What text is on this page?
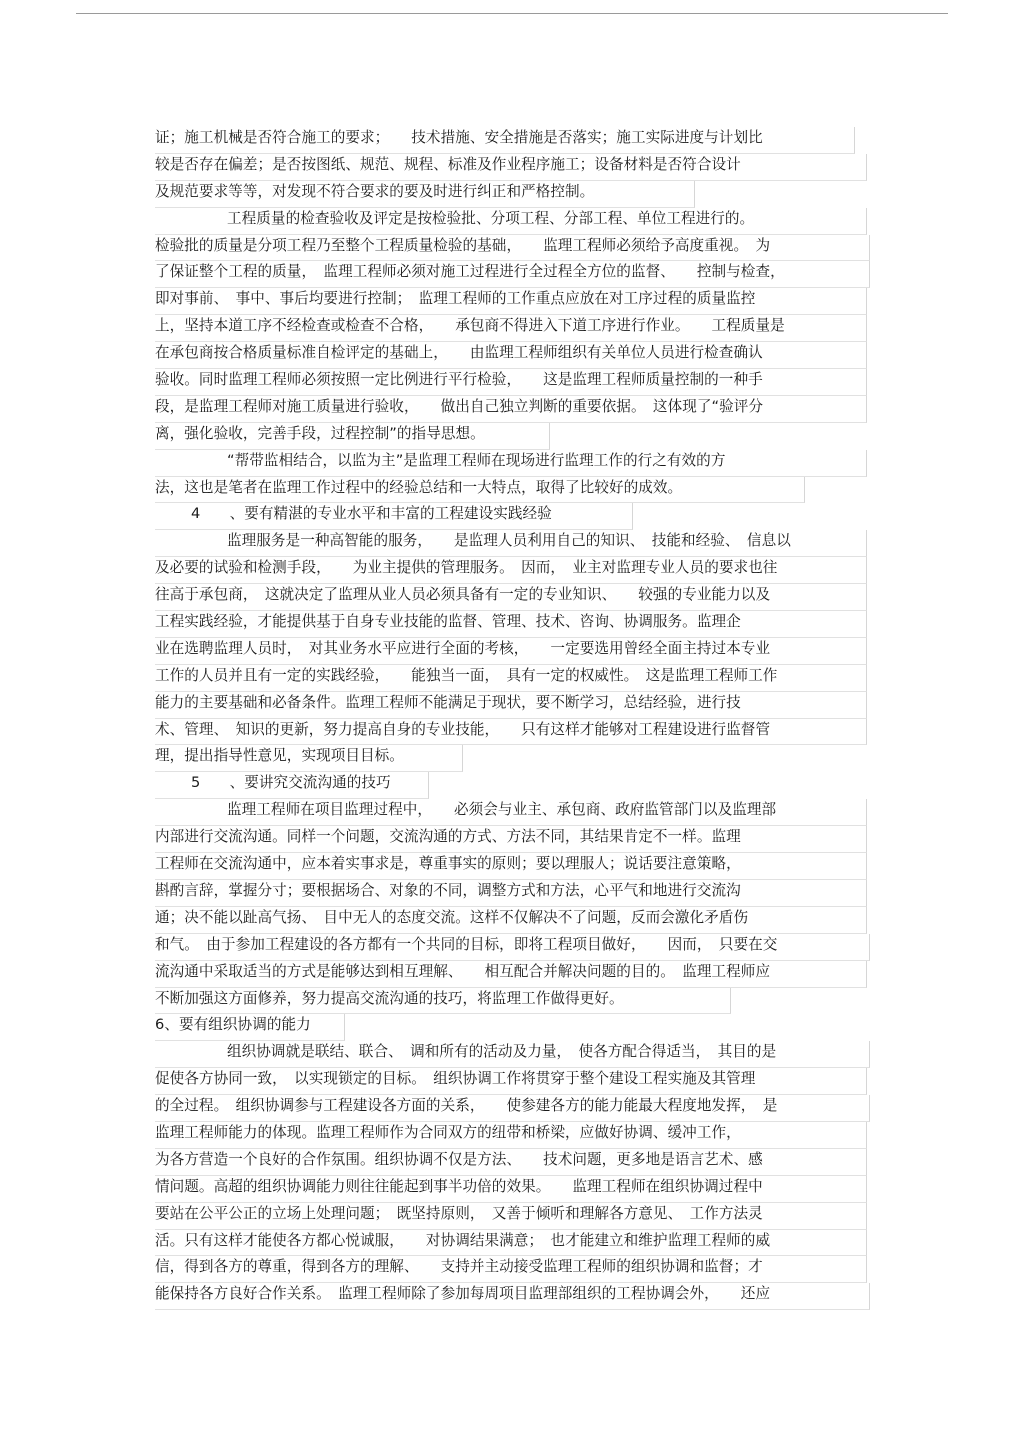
证；施工机械是否符合施工的要求；　　技术措施、安全措施是否落实；施工实际进度与计划比
较是否存在偏差；是否按图纸、规范、规程、标准及作业程序施工；设备材料是否符合设计
及规范要求等等，对发现不符合要求的要及时进行纠正和严格控制。
工程质量的检查验收及评定是按检验批、分项工程、分部工程、单位工程进行的。
检验批的质量是分项工程乃至整个工程质量检验的基础，　　监理工程师必须给予高度重视。　为
了保证整个工程的质量，　监理工程师必须对施工过程进行全过程全方位的监督、　　控制与检查，
即对事前、　事中、事后均要进行控制；　监理工程师的工作重点应放在对工序过程的质量监控
上，坚持本道工序不经检查或检查不合格，　　承包商不得进入下道工序进行作业。　　工程质量是
在承包商按合格质量标准自检评定的基础上，　　由监理工程师组织有关单位人员进行检查确认
验收。同时监理工程师必须按照一定比例进行平行检验，　　这是监理工程师质量控制的一种手
段，是监理工程师对施工质量进行验收，　　做出自己独立判断的重要依据。　这体现了“验评分
离，强化验收，完善手段，过程控制”的指导思想。
“帮带监相结合，以监为主”是监理工程师在现场进行监理工作的行之有效的方
法，这也是笔者在监理工作过程中的经验总结和一大特点，取得了比较好的成效。
4　　、要有精湛的专业水平和丰富的工程建设实践经验
监理服务是一种高智能的服务，　　是监理人员利用自己的知识、　技能和经验、　信息以
及必要的试验和检测手段，　　为业主提供的管理服务。　因而，　业主对监理专业人员的要求也往
往高于承包商，　这就决定了监理从业人员必须具备有一定的专业知识、　　较强的专业能力以及
工程实践经验，才能提供基于自身专业技能的监督、管理、技术、咨询、协调服务。监理企
业在选聘监理人员时，　对其业务水平应进行全面的考核，　　一定要选用曾经全面主持过本专业
工作的人员并且有一定的实践经验，　　能独当一面，　具有一定的权威性。　这是监理工程师工作
能力的主要基础和必备条件。监理工程师不能满足于现状，要不断学习，总结经验，进行技
术、管理、　知识的更新，努力提高自身的专业技能，　　只有这样才能够对工程建设进行监督管
理，提出指导性意见，实现项目目标。
5　　、要讲究交流沟通的技巧
监理工程师在项目监理过程中，　　必须会与业主、承包商、政府监管部门以及监理部
内部进行交流沟通。同样一个问题，交流沟通的方式、方法不同，其结果肯定不一样。监理
工程师在交流沟通中，应本着实事求是，尊重事实的原则；要以理服人；说话要注意策略，
斟酌言辞，掌握分寸；要根据场合、对象的不同，调整方式和方法，心平气和地进行交流沟
通；决不能以趾高气扬、　目中无人的态度交流。这样不仅解决不了问题，反而会激化矛盾伤
和气。　由于参加工程建设的各方都有一个共同的目标，即将工程项目做好，　　因而，　只要在交
流沟通中采取适当的方式是能够达到相互理解、　　相互配合并解决问题的目的。　监理工程师应
不断加强这方面修养，努力提高交流沟通的技巧，将监理工作做得更好。
6、要有组织协调的能力
组织协调就是联结、联合、　调和所有的活动及力量，　使各方配合得适当，　其目的是
促使各方协同一致，　以实现锁定的目标。　组织协调工作将贯穿于整个建设工程实施及其管理
的全过程。　组织协调参与工程建设各方面的关系，　　使参建各方的能力能最大程度地发挥，　是
监理工程师能力的体现。监理工程师作为合同双方的纽带和桥梁，应做好协调、缓冲工作，
为各方营造一个良好的合作氛围。组织协调不仅是方法、　　技术问题，更多地是语言艺术、感
情问题。高超的组织协调能力则往往能起到事半功倍的效果。　　监理工程师在组织协调过程中
要站在公平公正的立场上处理问题；　既坚持原则，　又善于倾听和理解各方意见、　工作方法灵
活。只有这样才能使各方都心悦诚服，　　对协调结果满意；　也才能建立和维护监理工程师的威
信，得到各方的尊重，得到各方的理解、　　支持并主动接受监理工程师的组织协调和监督；才
能保持各方良好合作关系。　监理工程师除了参加每周项目监理部组织的工程协调会外，　　还应
